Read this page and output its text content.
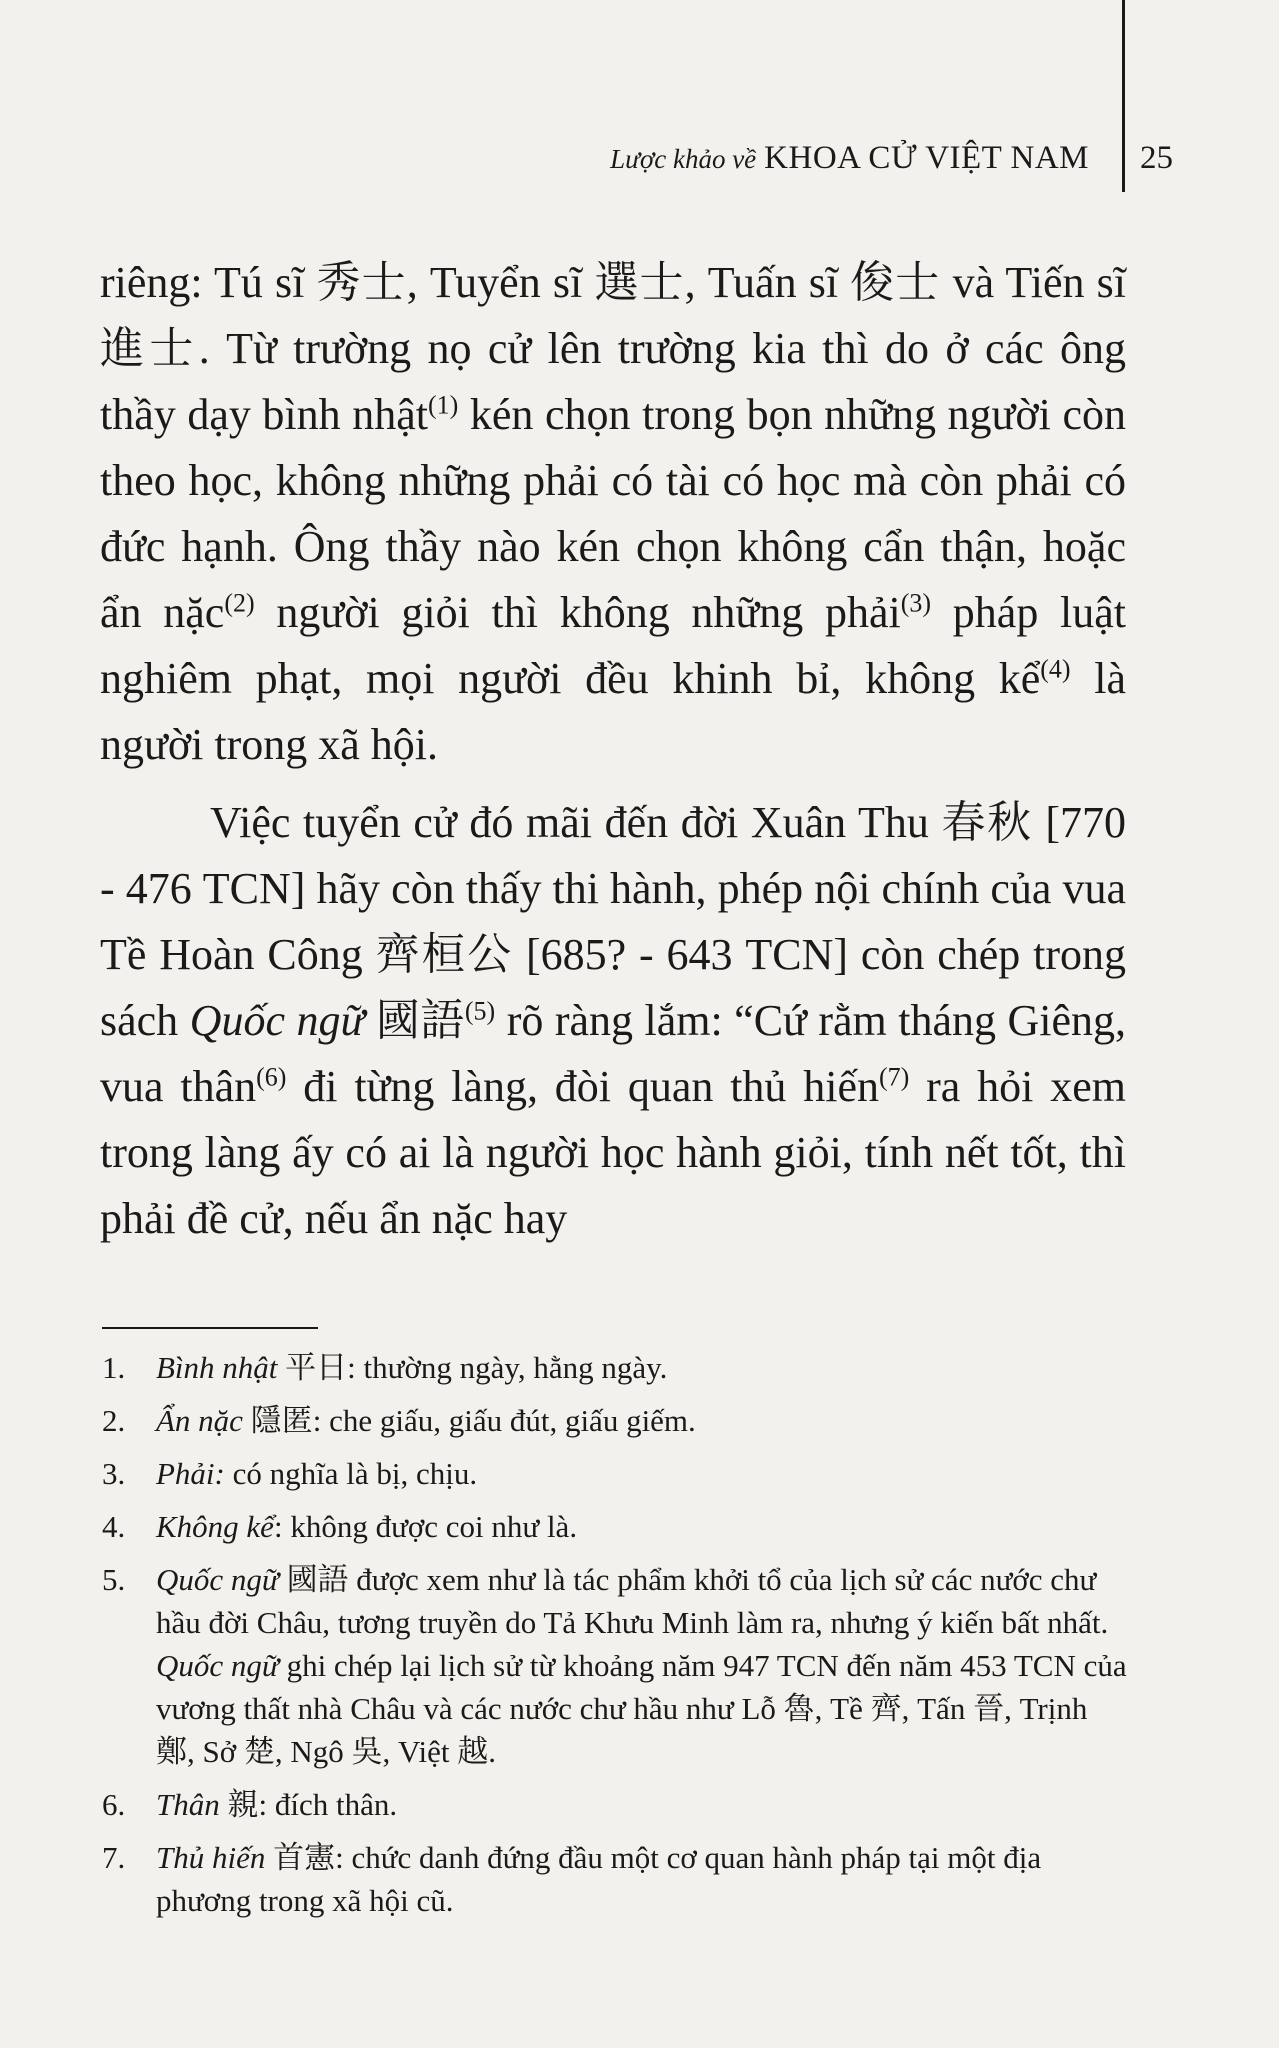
Lược khảo về KHOA CỬ VIỆT NAM 25

riêng: Tú sĩ 秀士, Tuyển sĩ 選士, Tuấn sĩ 俊士 và Tiến sĩ 進士. Từ trường nọ cử lên trường kia thì do ở các ông thầy dạy bình nhật$^{(1)}$ kén chọn trong bọn những người còn theo học, không những phải có tài có học mà còn phải có đức hạnh. Ông thầy nào kén chọn không cẩn thận, hoặc ẩn nặc$^{(2)}$ người giỏi thì không những phải$^{(3)}$ pháp luật nghiêm phạt, mọi người đều khinh bỉ, không kể$^{(4)}$ là người trong xã hội.

Việc tuyển cử đó mãi đến đời Xuân Thu 春秋 [770 - 476 TCN] hãy còn thấy thi hành, phép nội chính của vua Tề Hoàn Công 齊桓公 [685? - 643 TCN] còn chép trong sách Quốc ngữ 國語$^{(5)}$ rõ ràng lắm: “Cứ rằm tháng Giêng, vua thân$^{(6)}$ đi từng làng, đòi quan thủ hiến$^{(7)}$ ra hỏi xem trong làng ấy có ai là người học hành giỏi, tính nết tốt, thì phải đề cử, nếu ẩn nặc hay

1. Bình nhật 平日: thường ngày, hằng ngày.
2. Ẩn nặc 隱匿: che giấu, giấu đút, giấu giếm.
3. Phải: có nghĩa là bị, chịu.
4. Không kể: không được coi như là.
5. Quốc ngữ 國語 được xem như là tác phẩm khởi tổ của lịch sử các nước chư hầu đời Châu, tương truyền do Tả Khưu Minh làm ra, nhưng ý kiến bất nhất. Quốc ngữ ghi chép lại lịch sử từ khoảng năm 947 TCN đến năm 453 TCN của vương thất nhà Châu và các nước chư hầu như Lỗ 魯, Tề 齊, Tấn 晉, Trịnh 鄭, Sở 楚, Ngô 吳, Việt 越.
6. Thân 親: đích thân.
7. Thủ hiến 首憲: chức danh đứng đầu một cơ quan hành pháp tại một địa phương trong xã hội cũ.
